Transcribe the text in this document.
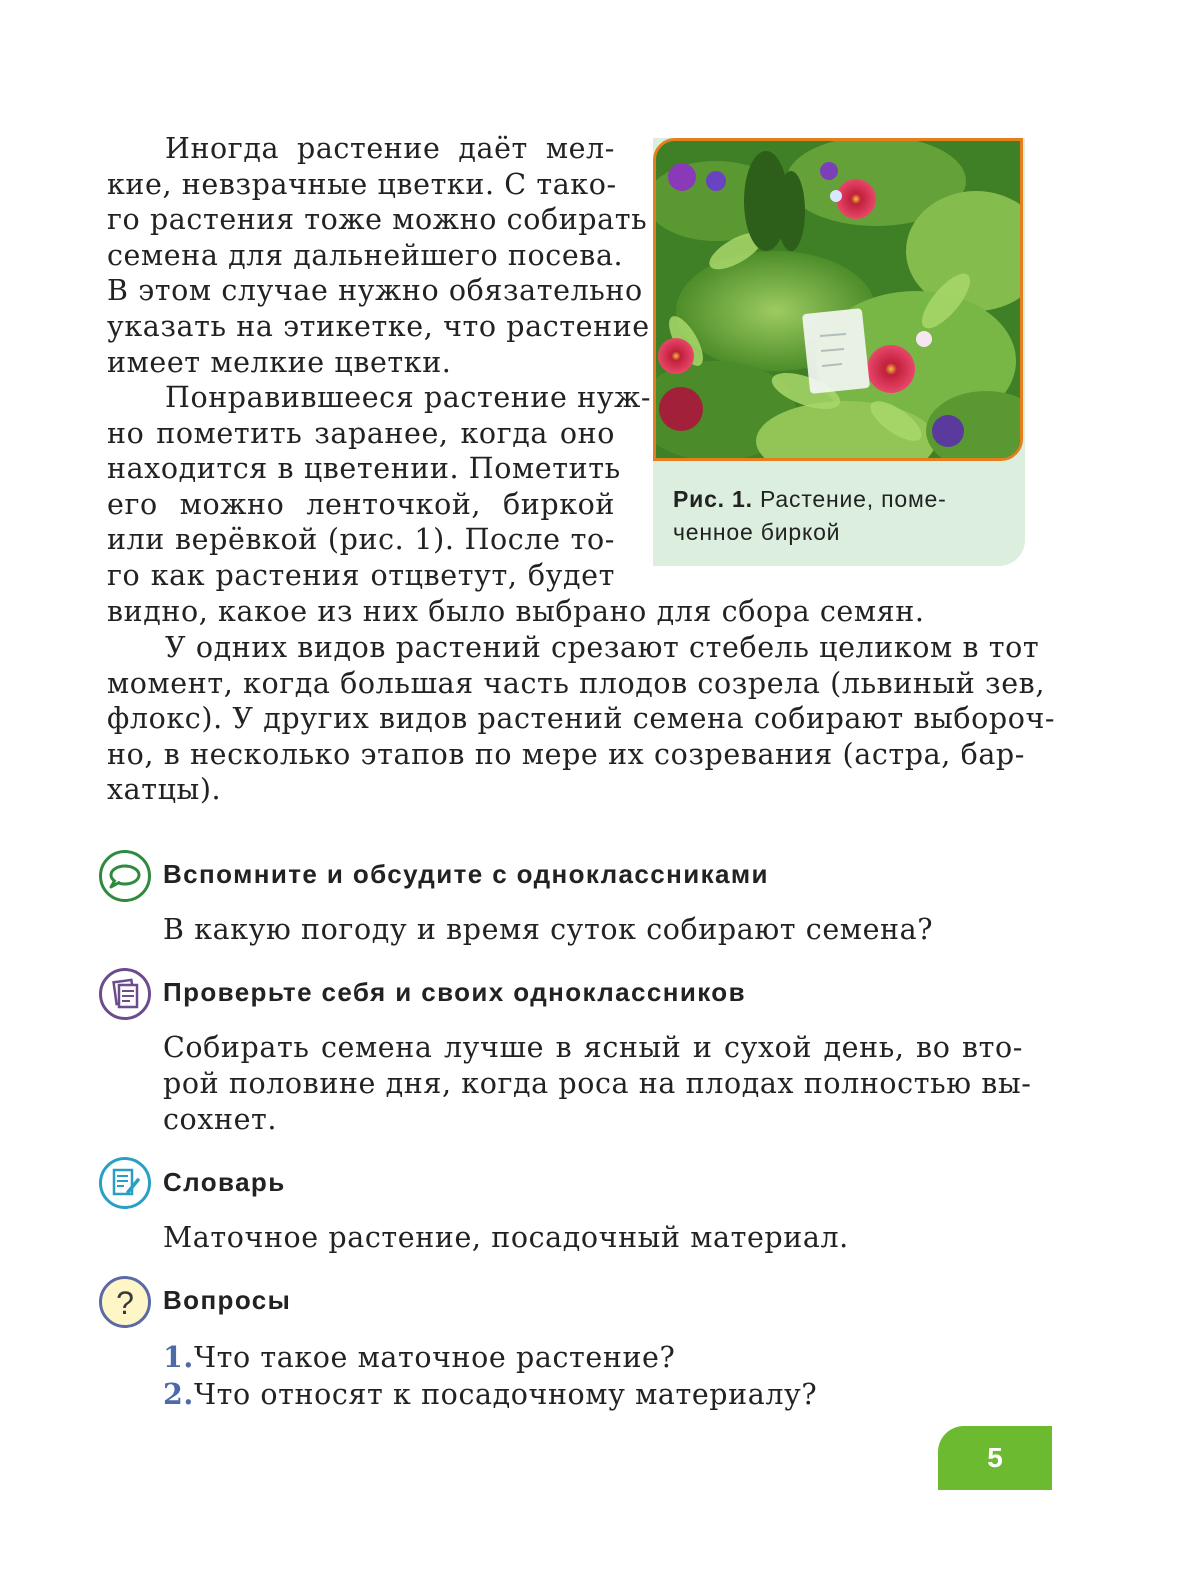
Иногда растение даёт мел-
кие, невзрачные цветки. С тако-
го растения тоже можно собирать
семена для дальнейшего посева.
В этом случае нужно обязательно
указать на этикетке, что растение
имеет мелкие цветки.
Понравившееся растение нуж-
но пометить заранее, когда оно
находится в цветении. Пометить
его можно ленточкой, биркой
или верёвкой (рис. 1). После то-
го как растения отцветут, будет
видно, какое из них было выбрано для сбора семян.
У одних видов растений срезают стебель целиком в тот
момент, когда большая часть плодов созрела (львиный зев,
флокс). У других видов растений семена собирают выбороч-
но, в несколько этапов по мере их созревания (астра, бар-
хатцы).
Рис. 1. Растение, поме-
ченное биркой
Вспомните и обсудите с одноклассниками
В какую погоду и время суток собирают семена?
Проверьте себя и своих одноклассников
Собирать семена лучше в ясный и сухой день, во вто-
рой половине дня, когда роса на плодах полностью вы-
сохнет.
Словарь
Маточное растение, посадочный материал.
? Вопросы
1.Что такое маточное растение?
2.Что относят к посадочному материалу?
5
